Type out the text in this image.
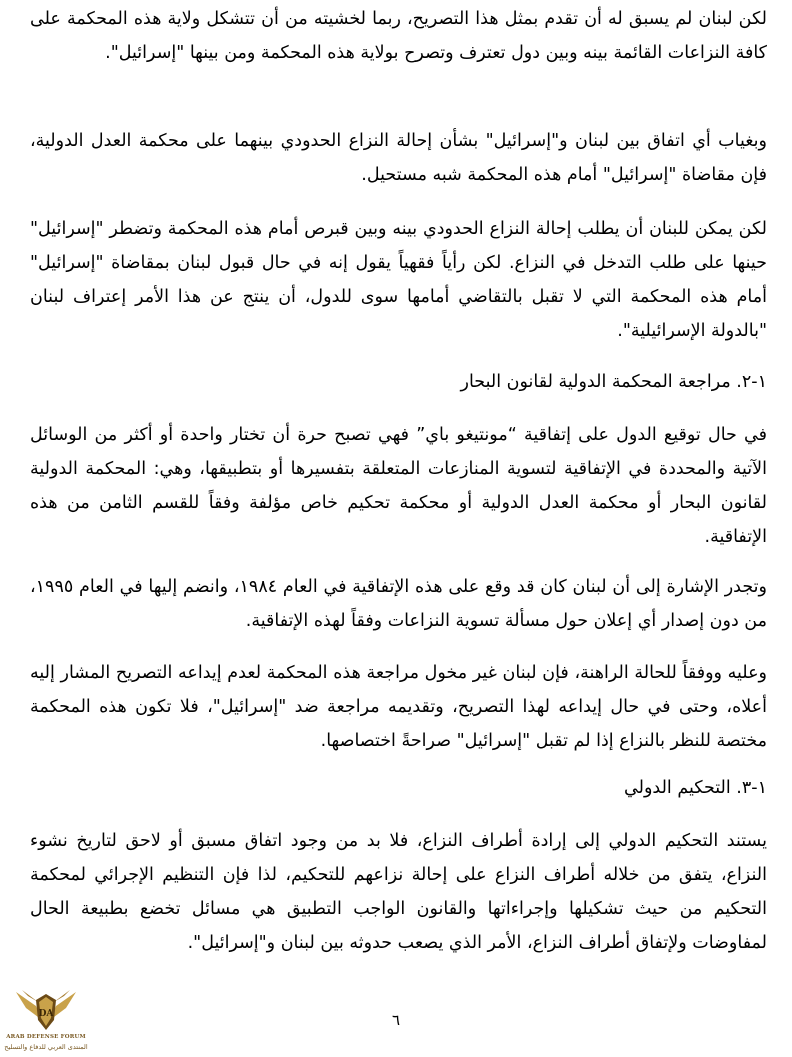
لكن لبنان لم يسبق له أن تقدم بمثل هذا التصريح، ربما لخشيته من أن تتشكل ولاية هذه المحكمة على كافة النزاعات القائمة بينه وبين دول تعترف وتصرح بولاية هذه المحكمة ومن بينها "إسرائيل".

وبغياب أي اتفاق بين لبنان و"إسرائيل" بشأن إحالة النزاع الحدودي بينهما على محكمة العدل الدولية، فإن مقاضاة "إسرائيل" أمام هذه المحكمة شبه مستحيل.

لكن يمكن للبنان أن يطلب إحالة النزاع الحدودي بينه وبين قبرص أمام هذه المحكمة وتضطر "إسرائيل" حينها على طلب التدخل في النزاع. لكن رأياً فقهياً يقول إنه في حال قبول لبنان بمقاضاة "إسرائيل" أمام هذه المحكمة التي لا تقبل بالتقاضي أمامها سوى للدول، أن ينتج عن هذا الأمر إعتراف لبنان "بالدولة الإسرائيلية".

١-٢. مراجعة المحكمة الدولية لقانون البحار

في حال توقيع الدول على إتفاقية “مونتيغو باي” فهي تصبح حرة أن تختار واحدة أو أكثر من الوسائل الآتية والمحددة في الإتفاقية لتسوية المنازعات المتعلقة بتفسيرها أو بتطبيقها، وهي: المحكمة الدولية لقانون البحار أو محكمة العدل الدولية أو محكمة تحكيم خاص مؤلفة وفقاً للقسم الثامن من هذه الإتفاقية.

وتجدر الإشارة إلى أن لبنان كان قد وقع على هذه الإتفاقية في العام ١٩٨٤، وانضم إليها في العام ١٩٩٥، من دون إصدار أي إعلان حول مسألة تسوية النزاعات وفقاً لهذه الإتفاقية.

وعليه ووفقاً للحالة الراهنة، فإن لبنان غير مخول مراجعة هذه المحكمة لعدم إيداعه التصريح المشار إليه أعلاه، وحتى في حال إيداعه لهذا التصريح، وتقديمه مراجعة ضد "إسرائيل"، فلا تكون هذه المحكمة مختصة للنظر بالنزاع إذا لم تقبل "إسرائيل" صراحةً اختصاصها.

١-٣. التحكيم الدولي

يستند التحكيم الدولي إلى إرادة أطراف النزاع، فلا بد من وجود اتفاق مسبق أو لاحق لتاريخ نشوء النزاع، يتفق من خلاله أطراف النزاع على إحالة نزاعهم للتحكيم، لذا فإن التنظيم الإجرائي لمحكمة التحكيم من حيث تشكيلها وإجراءاتها والقانون الواجب التطبيق هي مسائل تخضع بطبيعة الحال لمفاوضات ولإتفاق أطراف النزاع، الأمر الذي يصعب حدوثه بين لبنان و"إسرائيل".

٦
DA
ARAB DEFENSE FORUM
المنتدى العربي للدفاع والتسليح
